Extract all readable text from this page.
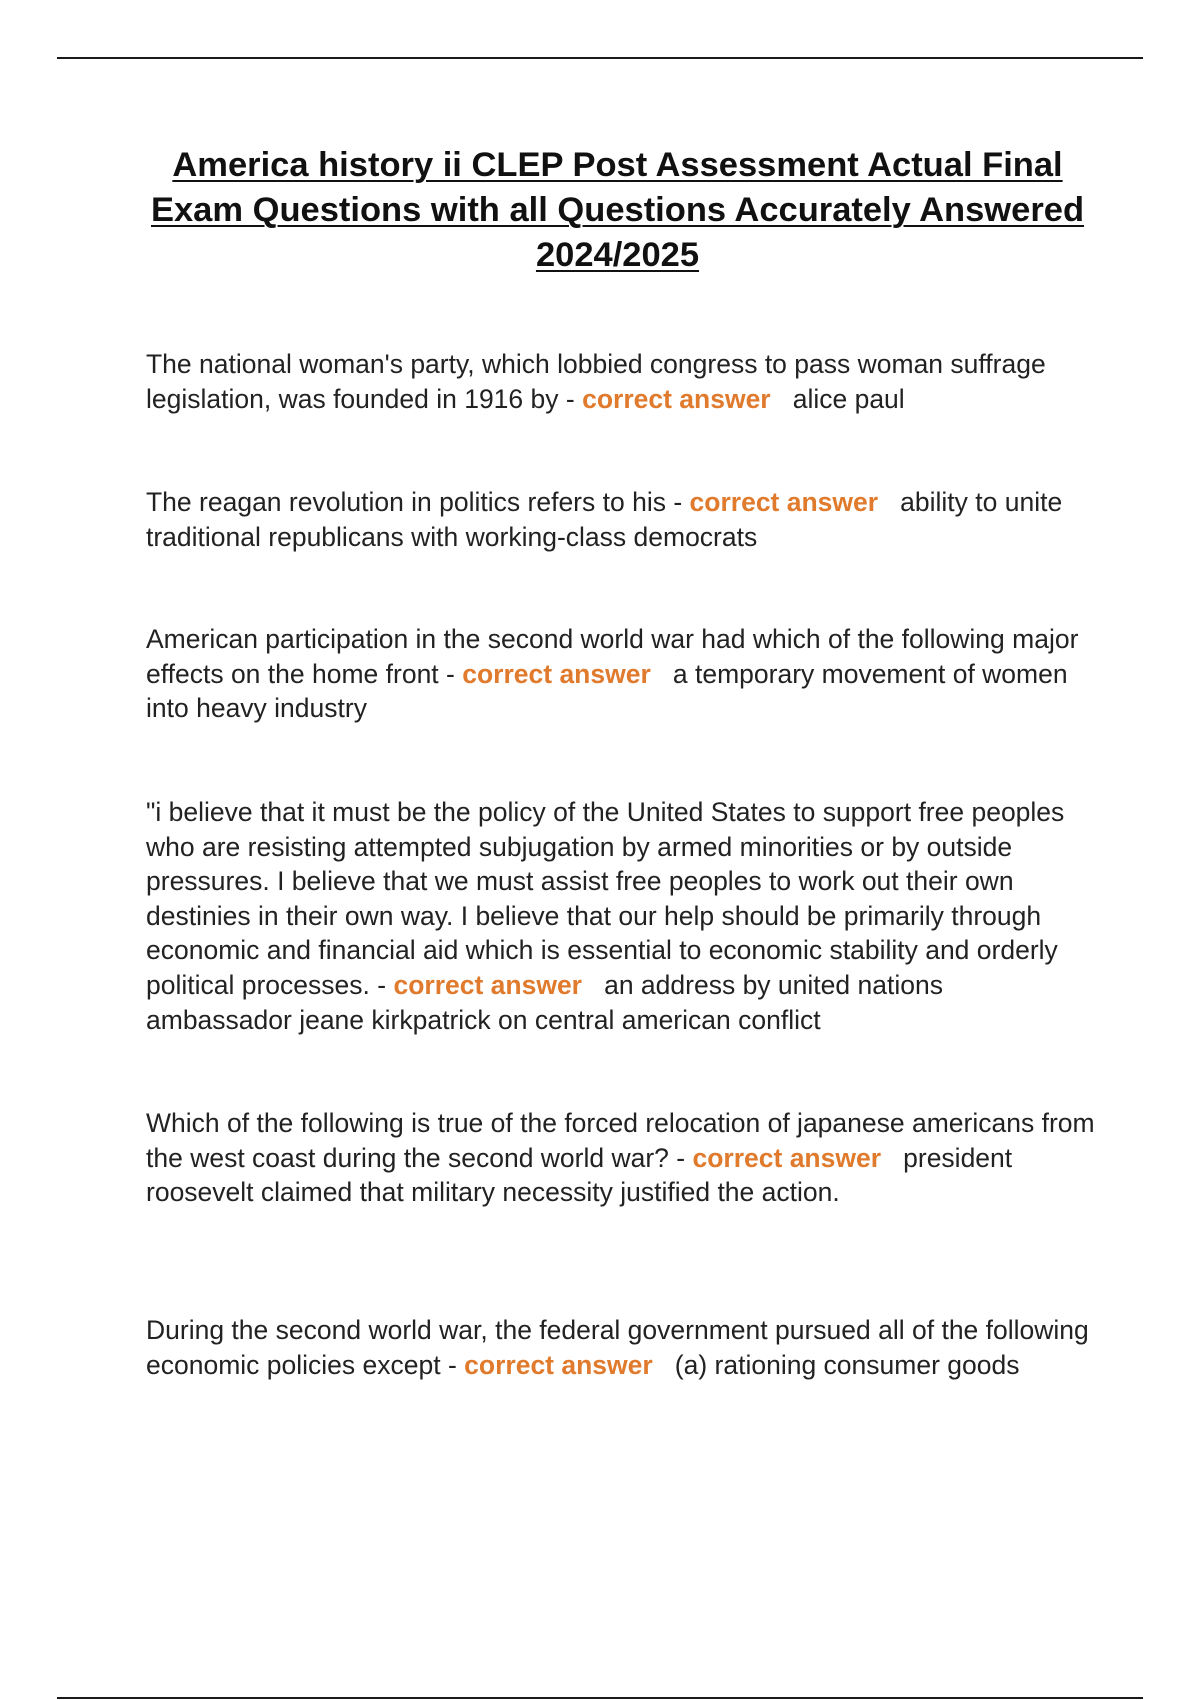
America history ii CLEP Post Assessment Actual Final Exam Questions with all Questions Accurately Answered 2024/2025

The national woman's party, which lobbied congress to pass woman suffrage legislation, was founded in 1916 by - correct answer alice paul

The reagan revolution in politics refers to his - correct answer ability to unite traditional republicans with working-class democrats

American participation in the second world war had which of the following major effects on the home front - correct answer a temporary movement of women into heavy industry

"i believe that it must be the policy of the United States to support free peoples who are resisting attempted subjugation by armed minorities or by outside pressures. I believe that we must assist free peoples to work out their own destinies in their own way. I believe that our help should be primarily through economic and financial aid which is essential to economic stability and orderly political processes. - correct answer an address by united nations ambassador jeane kirkpatrick on central american conflict

Which of the following is true of the forced relocation of japanese americans from the west coast during the second world war? - correct answer president roosevelt claimed that military necessity justified the action.

During the second world war, the federal government pursued all of the following economic policies except - correct answer (a) rationing consumer goods
